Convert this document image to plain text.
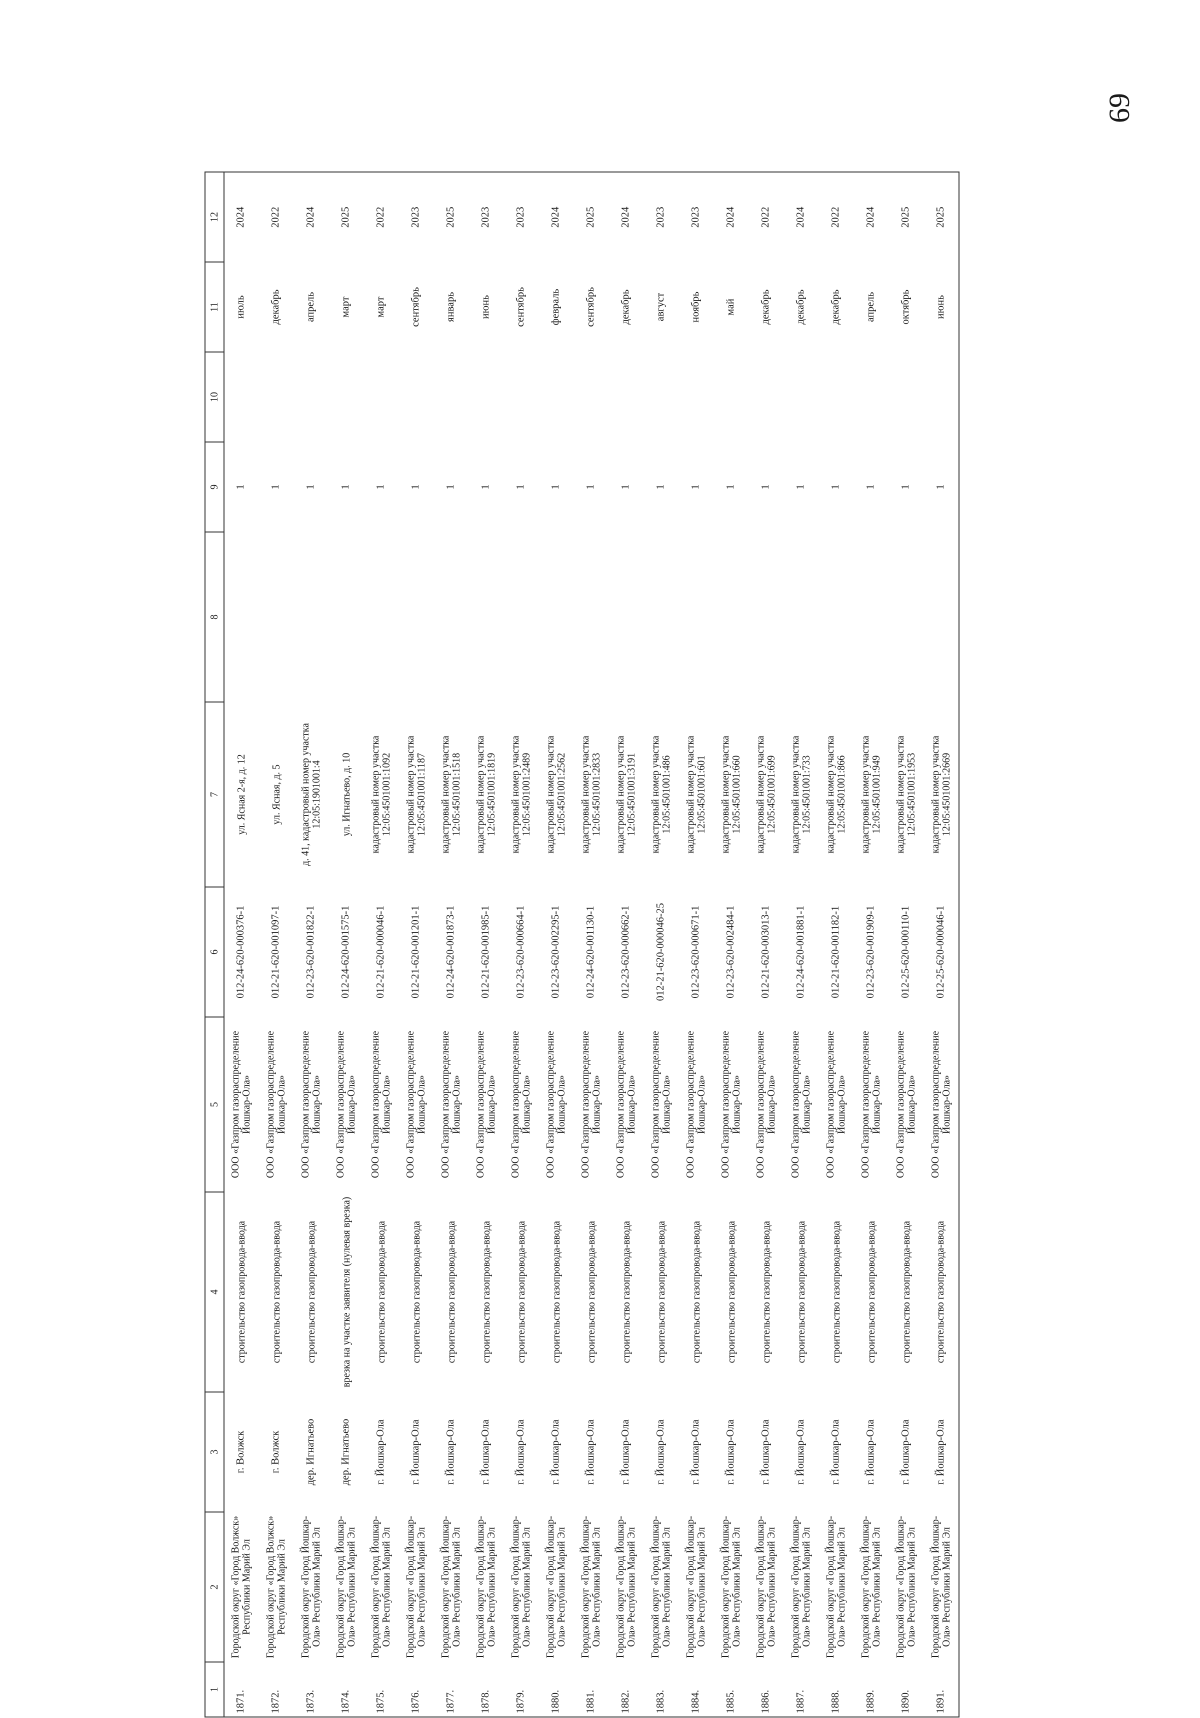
69
1	2	3	4	5	6	7	8	9	10	11	12
1871.	Городской округ «Город Волжск» Республики Марий Эл	г. Волжск	строительство газопровода-ввода	ООО «Газпром газораспределение Йошкар-Ола»	012-24-620-000376-1	ул. Ясная 2-я, д. 12		1		июль	2024
1872.	Городской округ «Город Волжск» Республики Марий Эл	г. Волжск	строительство газопровода-ввода	ООО «Газпром газораспределение Йошкар-Ола»	012-21-620-001097-1	ул. Ясная, д. 5		1		декабрь	2022
1873.	Городской округ «Город Йошкар-Ола» Республики Марий Эл	дер. Игнатьево	строительство газопровода-ввода	ООО «Газпром газораспределение Йошкар-Ола»	012-23-620-001822-1	д. 41, кадастровый номер участка 12:05:1901001:4		1		апрель	2024
1874.	Городской округ «Город Йошкар-Ола» Республики Марий Эл	дер. Игнатьево	врезка на участке заявителя (нулевая врезка)	ООО «Газпром газораспределение Йошкар-Ола»	012-24-620-001575-1	ул. Игнатьево, д. 10		1		март	2025
1875.	Городской округ «Город Йошкар-Ола» Республики Марий Эл	г. Йошкар-Ола	строительство газопровода-ввода	ООО «Газпром газораспределение Йошкар-Ола»	012-21-620-000046-1	кадастровый номер участка 12:05:4501001:1092		1		март	2022
1876.	Городской округ «Город Йошкар-Ола» Республики Марий Эл	г. Йошкар-Ола	строительство газопровода-ввода	ООО «Газпром газораспределение Йошкар-Ола»	012-21-620-001201-1	кадастровый номер участка 12:05:4501001:1187		1		сентябрь	2023
1877.	Городской округ «Город Йошкар-Ола» Республики Марий Эл	г. Йошкар-Ола	строительство газопровода-ввода	ООО «Газпром газораспределение Йошкар-Ола»	012-24-620-001873-1	кадастровый номер участка 12:05:4501001:1518		1		январь	2025
1878.	Городской округ «Город Йошкар-Ола» Республики Марий Эл	г. Йошкар-Ола	строительство газопровода-ввода	ООО «Газпром газораспределение Йошкар-Ола»	012-21-620-001985-1	кадастровый номер участка 12:05:4501001:1819		1		июнь	2023
1879.	Городской округ «Город Йошкар-Ола» Республики Марий Эл	г. Йошкар-Ола	строительство газопровода-ввода	ООО «Газпром газораспределение Йошкар-Ола»	012-23-620-000664-1	кадастровый номер участка 12:05:4501001:2489		1		сентябрь	2023
1880.	Городской округ «Город Йошкар-Ола» Республики Марий Эл	г. Йошкар-Ола	строительство газопровода-ввода	ООО «Газпром газораспределение Йошкар-Ола»	012-23-620-002295-1	кадастровый номер участка 12:05:4501001:2562		1		февраль	2024
1881.	Городской округ «Город Йошкар-Ола» Республики Марий Эл	г. Йошкар-Ола	строительство газопровода-ввода	ООО «Газпром газораспределение Йошкар-Ола»	012-24-620-001130-1	кадастровый номер участка 12:05:4501001:2833		1		сентябрь	2025
1882.	Городской округ «Город Йошкар-Ола» Республики Марий Эл	г. Йошкар-Ола	строительство газопровода-ввода	ООО «Газпром газораспределение Йошкар-Ола»	012-23-620-000662-1	кадастровый номер участка 12:05:4501001:3191		1		декабрь	2024
1883.	Городской округ «Город Йошкар-Ола» Республики Марий Эл	г. Йошкар-Ола	строительство газопровода-ввода	ООО «Газпром газораспределение Йошкар-Ола»	012-21-620-000046-25	кадастровый номер участка 12:05:4501001:486		1		август	2023
1884.	Городской округ «Город Йошкар-Ола» Республики Марий Эл	г. Йошкар-Ола	строительство газопровода-ввода	ООО «Газпром газораспределение Йошкар-Ола»	012-23-620-000671-1	кадастровый номер участка 12:05:4501001:601		1		ноябрь	2023
1885.	Городской округ «Город Йошкар-Ола» Республики Марий Эл	г. Йошкар-Ола	строительство газопровода-ввода	ООО «Газпром газораспределение Йошкар-Ола»	012-23-620-002484-1	кадастровый номер участка 12:05:4501001:660		1		май	2024
1886.	Городской округ «Город Йошкар-Ола» Республики Марий Эл	г. Йошкар-Ола	строительство газопровода-ввода	ООО «Газпром газораспределение Йошкар-Ола»	012-21-620-003013-1	кадастровый номер участка 12:05:4501001:699		1		декабрь	2022
1887.	Городской округ «Город Йошкар-Ола» Республики Марий Эл	г. Йошкар-Ола	строительство газопровода-ввода	ООО «Газпром газораспределение Йошкар-Ола»	012-24-620-001881-1	кадастровый номер участка 12:05:4501001:733		1		декабрь	2024
1888.	Городской округ «Город Йошкар-Ола» Республики Марий Эл	г. Йошкар-Ола	строительство газопровода-ввода	ООО «Газпром газораспределение Йошкар-Ола»	012-21-620-001182-1	кадастровый номер участка 12:05:4501001:866		1		декабрь	2022
1889.	Городской округ «Город Йошкар-Ола» Республики Марий Эл	г. Йошкар-Ола	строительство газопровода-ввода	ООО «Газпром газораспределение Йошкар-Ола»	012-23-620-001909-1	кадастровый номер участка 12:05:4501001:949		1		апрель	2024
1890.	Городской округ «Город Йошкар-Ола» Республики Марий Эл	г. Йошкар-Ола	строительство газопровода-ввода	ООО «Газпром газораспределение Йошкар-Ола»	012-25-620-000110-1	кадастровый номер участка 12:05:4501001:1953		1		октябрь	2025
1891.	Городской округ «Город Йошкар-Ола» Республики Марий Эл	г. Йошкар-Ола	строительство газопровода-ввода	ООО «Газпром газораспределение Йошкар-Ола»	012-25-620-000046-1	кадастровый номер участка 12:05:4501001:2669		1		июнь	2025
